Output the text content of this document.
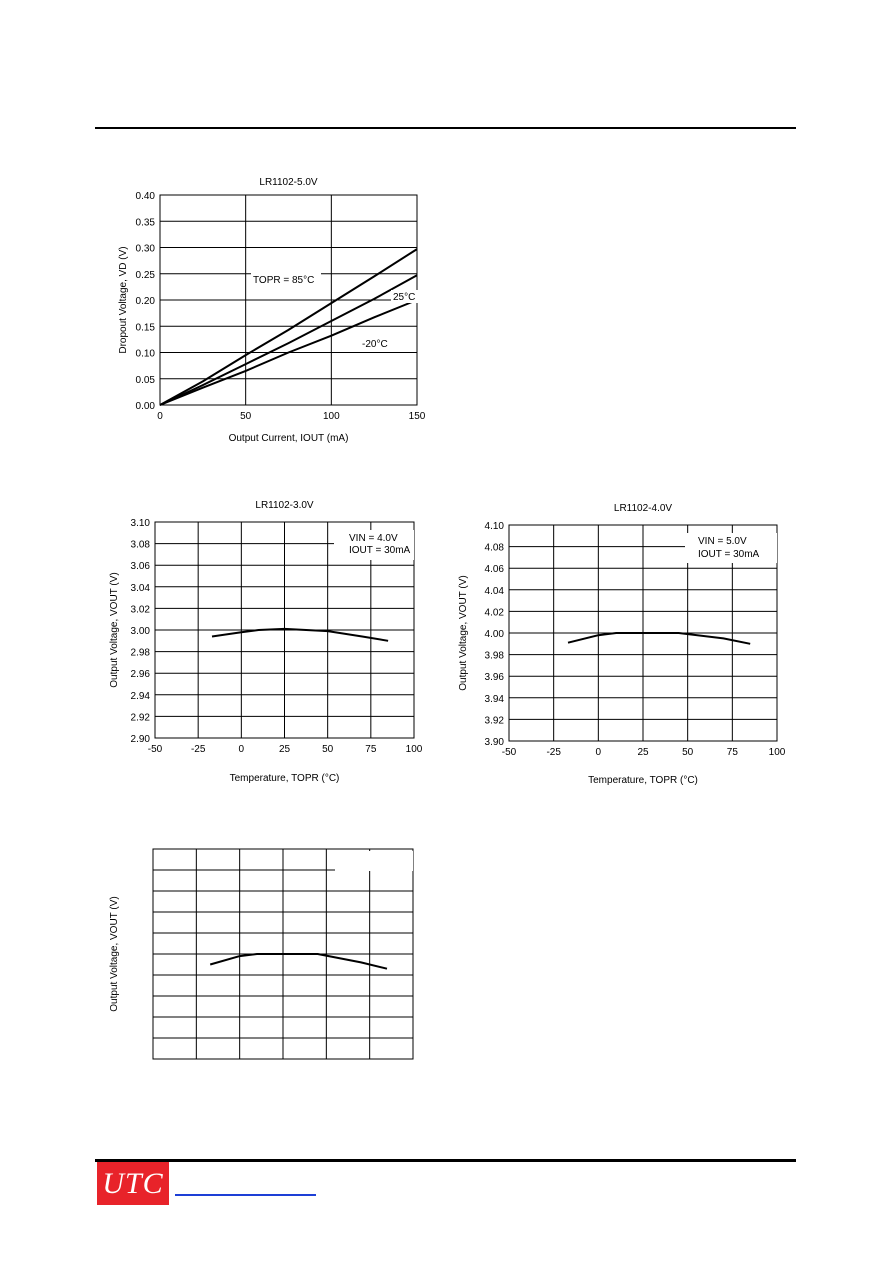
0	50	100	150
0.00
0.05
0.10
0.15
0.20
0.25
0.30
0.35
0.40
LR1102-5.0V
Output Current, IOUT (mA)
Dropout Voltage, VD (V)	TOPR = 85°C
25°C
-20°C
-50	-25	0	25	50	75	100
2.90
2.92
2.94
2.96
2.98
3.00
3.02
3.04
3.06
3.08
3.10
LR1102-3.0V
Temperature, TOPR (°C)
Output Voltage, VOUT (V)
VIN = 4.0V
IOUT = 30mA
-50	-25	0	25	50	75	100
3.90
3.92
3.94
3.96
3.98
4.00
4.02
4.04
4.06
4.08
4.10
LR1102-4.0V
Temperature, TOPR (°C)
Output Voltage, VOUT (V)
VIN = 5.0V
IOUT = 30mA
Output Voltage, VOUT (V)
UTC
